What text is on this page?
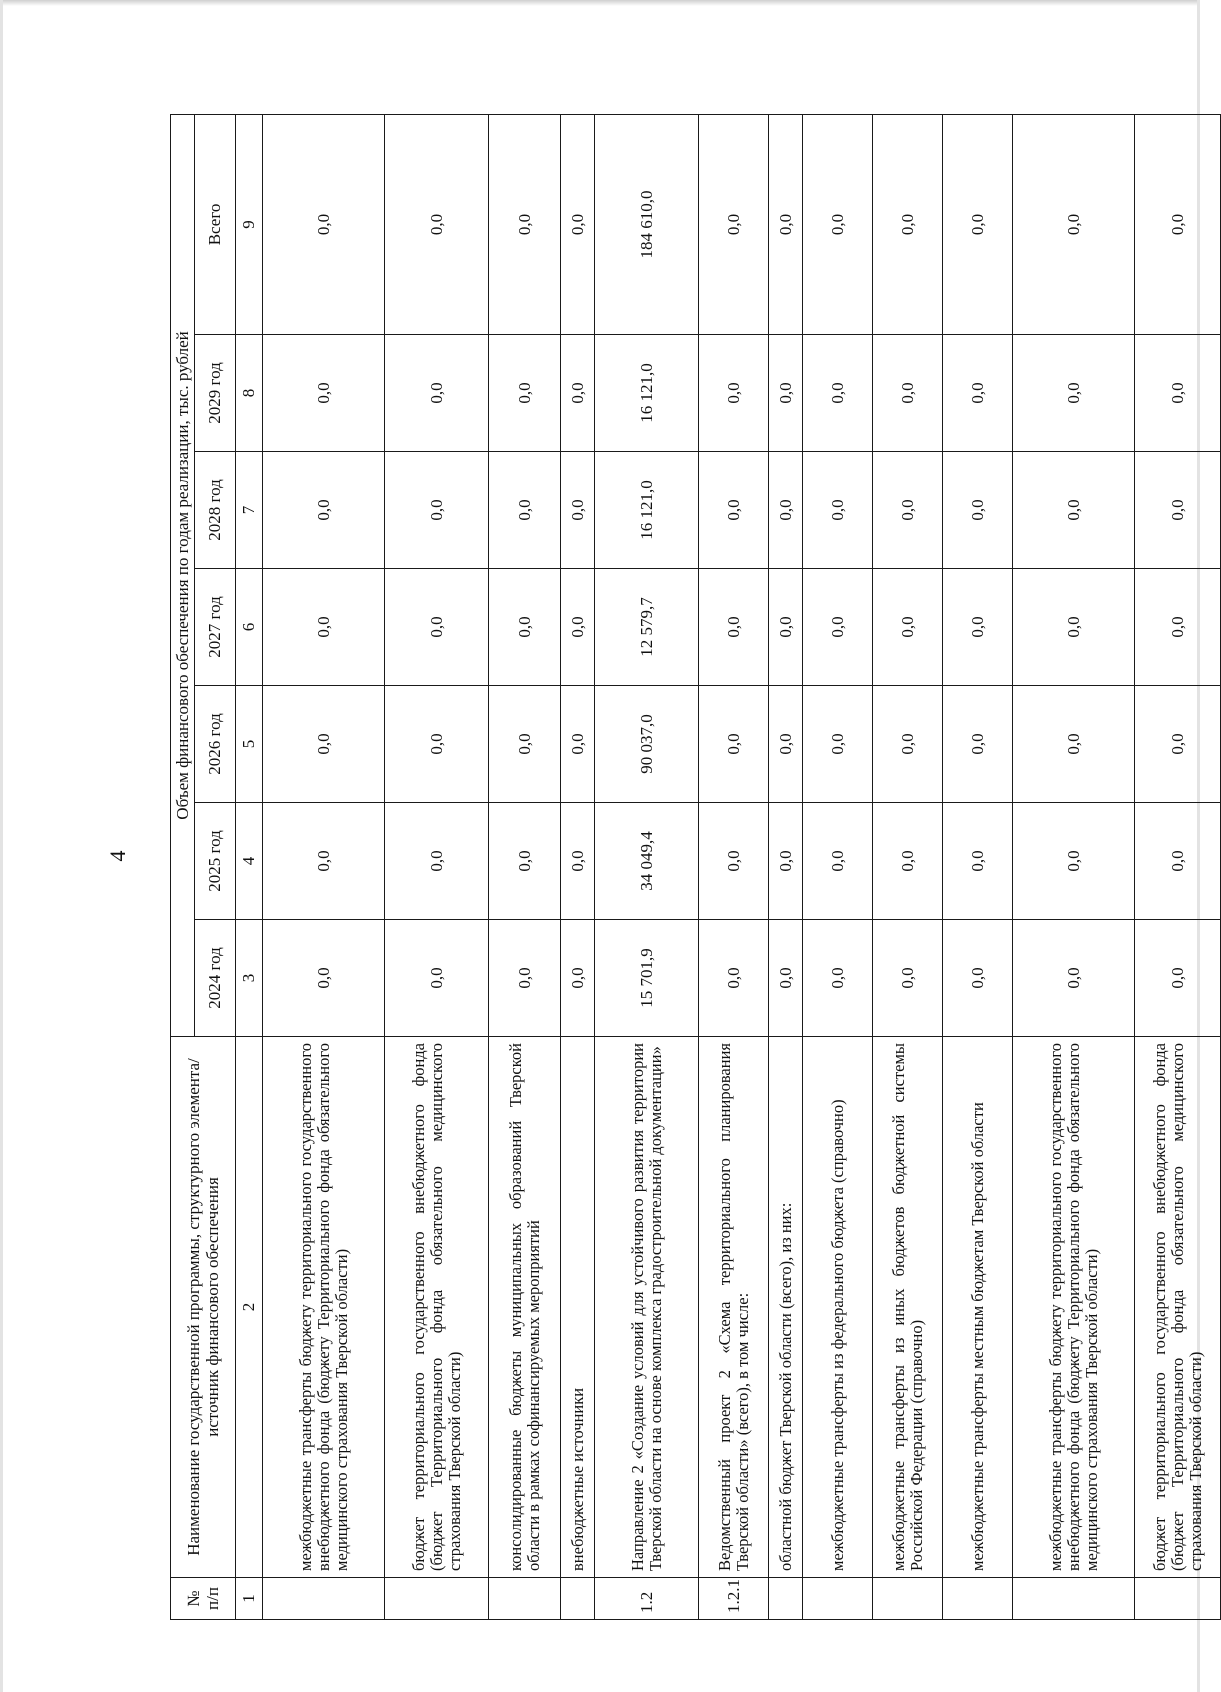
4
№ п/п	Наименование государственной программы, структурного элемента/источник финансового обеспечения	Объем финансового обеспечения по годам реализации, тыс. рублей						
		2024 год	2025 год	2026 год	2027 год	2028 год	2029 год	Всего
1	2	3	4	5	6	7	8	9
	межбюджетные трансферты бюджету территориального государственного внебюджетного фонда (бюджету Территориального фонда обязательного медицинского страхования Тверской области)	0,0	0,0	0,0	0,0	0,0	0,0	0,0
	бюджет территориального государственного внебюджетного фонда (бюджет Территориального фонда обязательного медицинского страхования Тверской области)	0,0	0,0	0,0	0,0	0,0	0,0	0,0
	консолидированные бюджеты муниципальных образований Тверской области в рамках софинансируемых мероприятий	0,0	0,0	0,0	0,0	0,0	0,0	0,0
	внебюджетные источники	0,0	0,0	0,0	0,0	0,0	0,0	0,0
1.2	Направление 2 «Создание условий для устойчивого развития территории Тверской области на основе комплекса градостроительной документации»	15 701,9	34 049,4	90 037,0	12 579,7	16 121,0	16 121,0	184 610,0
1.2.1	Ведомственный проект 2 «Схема территориального планирования Тверской области» (всего), в том числе:	0,0	0,0	0,0	0,0	0,0	0,0	0,0
	областной бюджет Тверской области (всего), из них:	0,0	0,0	0,0	0,0	0,0	0,0	0,0
	межбюджетные трансферты из федерального бюджета (справочно)	0,0	0,0	0,0	0,0	0,0	0,0	0,0
	межбюджетные трансферты из иных бюджетов бюджетной системы Российской Федерации (справочно)	0,0	0,0	0,0	0,0	0,0	0,0	0,0
	межбюджетные трансферты местным бюджетам Тверской области	0,0	0,0	0,0	0,0	0,0	0,0	0,0
	межбюджетные трансферты бюджету территориального государственного внебюджетного фонда (бюджету Территориального фонда обязательного медицинского страхования Тверской области)	0,0	0,0	0,0	0,0	0,0	0,0	0,0
	бюджет территориального государственного внебюджетного фонда (бюджет Территориального фонда обязательного медицинского страхования Тверской области)	0,0	0,0	0,0	0,0	0,0	0,0	0,0
